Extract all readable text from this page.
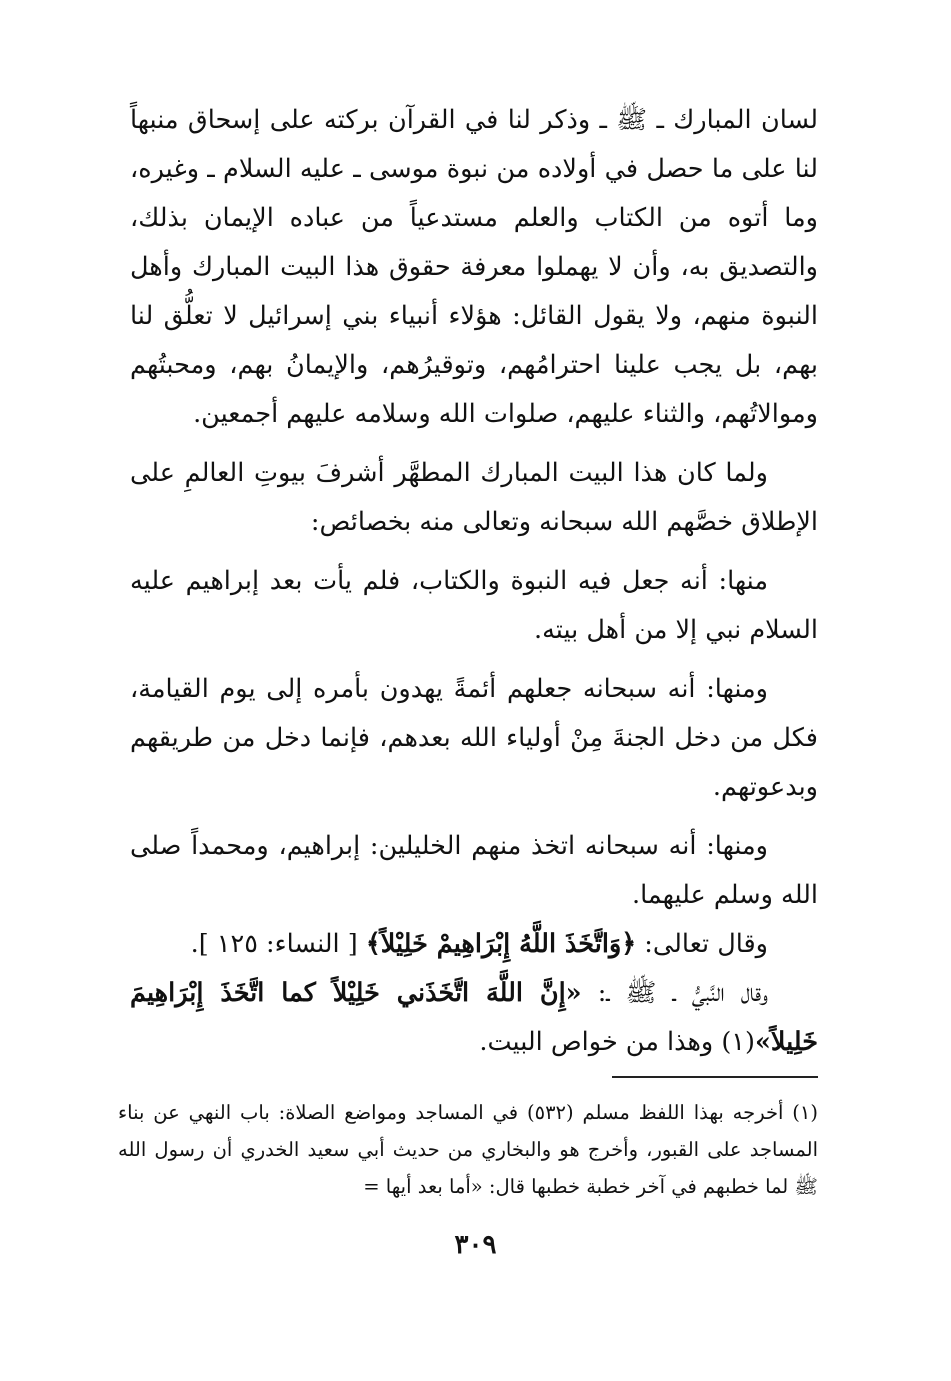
لسان المبارك ـ ﷺ ـ وذكر لنا في القرآن بركته على إسحاق منبهاً لنا على ما حصل في أولاده من نبوة موسى ـ عليه السلام ـ وغيره، وما أتوه من الكتاب والعلم مستدعياً من عباده الإيمان بذلك، والتصديق به، وأن لا يهملوا معرفة حقوق هذا البيت المبارك وأهل النبوة منهم، ولا يقول القائل: هؤلاء أنبياء بني إسرائيل لا تعلُّق لنا بهم، بل يجب علينا احترامُهم، وتوقيرُهم، والإيمانُ بهم، ومحبتُهم وموالاتُهم، والثناء عليهم، صلوات الله وسلامه عليهم أجمعين.

ولما كان هذا البيت المبارك المطهَّر أشرفَ بيوتِ العالمِ على الإطلاق خصَّهم الله سبحانه وتعالى منه بخصائص:

منها: أنه جعل فيه النبوة والكتاب، فلم يأت بعد إبراهيم عليه السلام نبي إلا من أهل بيته.

ومنها: أنه سبحانه جعلهم أئمةً يهدون بأمره إلى يوم القيامة، فكل من دخل الجنةَ مِنْ أولياء الله بعدهم، فإنما دخل من طريقهم وبدعوتهم.

ومنها: أنه سبحانه اتخذ منهم الخليلين: إبراهيم، ومحمداً صلى الله وسلم عليهما.

وقال تعالى: ﴿وَاتَّخَذَ اللَّهُ إِبْرَاهِيمْ خَلِيْلاً﴾ [ النساء: ١٢٥ ].

وقال النَّبيُّ ـ ﷺ ـ: «إِنَّ اللَّهَ اتَّخَذَني خَلِيْلاً كما اتَّخَذَ إِبْرَاهِيمَ خَلِيلاً»(١) وهذا من خواص البيت.

(١) أخرجه بهذا اللفظ مسلم (٥٣٢) في المساجد ومواضع الصلاة: باب النهي عن بناء المساجد على القبور، وأخرج هو والبخاري من حديث أبي سعيد الخدري أن رسول الله ﷺ لما خطبهم في آخر خطبة خطبها قال: «أما بعد أيها =

٣٠٩
